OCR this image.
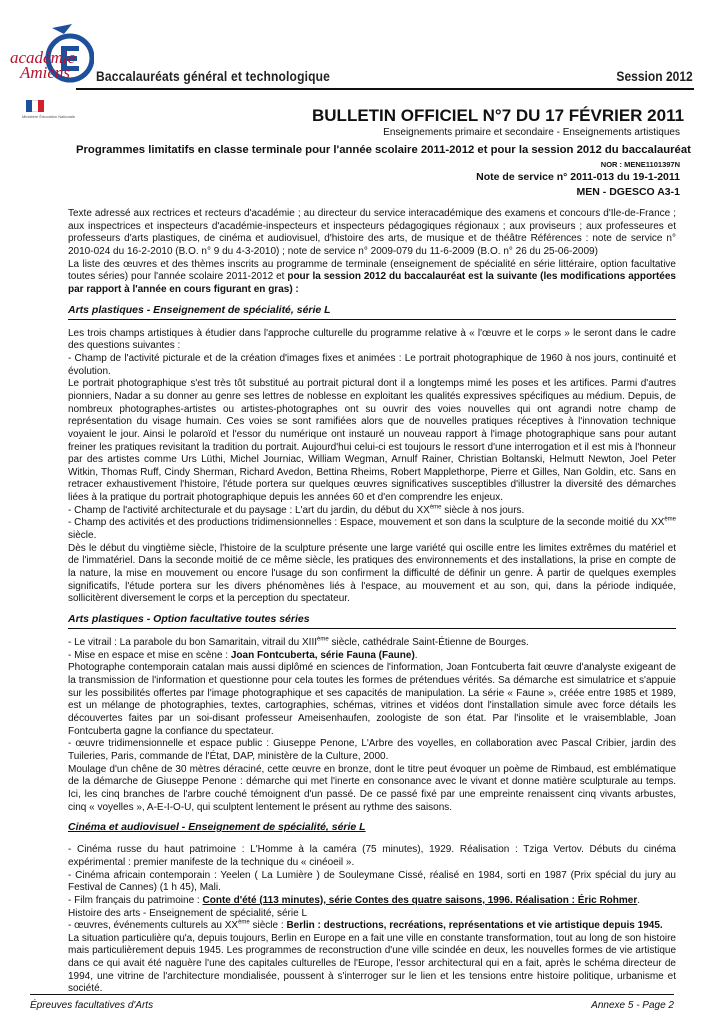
académie
Amiens
Ministère Éducation Nationale
Baccalauréats général et technologique	Session 2012
BULLETIN OFFICIEL N°7 DU 17 FÉVRIER 2011
Enseignements primaire et secondaire - Enseignements artistiques
Programmes limitatifs en classe terminale pour l'année scolaire 2011-2012 et pour la session 2012 du baccalauréat
NOR : MENE1101397N
Note de service n° 2011-013 du 19-1-2011
MEN - DGESCO A3-1

Texte adressé aux rectrices et recteurs d'académie ; au directeur du service interacadémique des examens et concours d'Ile-de-France ; aux inspectrices et inspecteurs d'académie-inspecteurs et inspecteurs pédagogiques régionaux ; aux proviseurs ; aux professeures et professeurs d'arts plastiques, de cinéma et audiovisuel, d'histoire des arts, de musique et de théâtre Références : note de service n° 2010-024 du 16-2-2010 (B.O. n° 9 du 4-3-2010) ; note de service n° 2009-079 du 11-6-2009 (B.O. n° 26 du 25-06-2009)

La liste des œuvres et des thèmes inscrits au programme de terminale (enseignement de spécialité en série littéraire, option facultative toutes séries) pour l'année scolaire 2011-2012 et pour la session 2012 du baccalauréat est la suivante (les modifications apportées par rapport à l'année en cours figurant en gras) :

Arts plastiques - Enseignement de spécialité, série L

Les trois champs artistiques à étudier dans l'approche culturelle du programme relative à « l'œuvre et le corps » le seront dans le cadre des questions suivantes :

- Champ de l'activité picturale et de la création d'images fixes et animées : Le portrait photographique de 1960 à nos jours, continuité et évolution.

Le portrait photographique s'est très tôt substitué au portrait pictural dont il a longtemps mimé les poses et les artifices. Parmi d'autres pionniers, Nadar a su donner au genre ses lettres de noblesse en exploitant les qualités expressives spécifiques au médium. Depuis, de nombreux photographes-artistes ou artistes-photographes ont su ouvrir des voies nouvelles qui ont agrandi notre champ de représentation du visage humain. Ces voies se sont ramifiées alors que de nouvelles pratiques réceptives à l'innovation technique voyaient le jour. Ainsi le polaroïd et l'essor du numérique ont instauré un nouveau rapport à l'image photographique sans pour autant freiner les pratiques revisitant la tradition du portrait. Aujourd'hui celui-ci est toujours le ressort d'une interrogation et il est mis à l'honneur par des artistes comme Urs Lüthi, Michel Journiac, William Wegman, Arnulf Rainer, Christian Boltanski, Helmutt Newton, Joel Peter Witkin, Thomas Ruff, Cindy Sherman, Richard Avedon, Bettina Rheims, Robert Mapplethorpe, Pierre et Gilles, Nan Goldin, etc. Sans en retracer exhaustivement l'histoire, l'étude portera sur quelques œuvres significatives susceptibles d'illustrer la diversité des démarches liées à la pratique du portrait photographique depuis les années 60 et d'en comprendre les enjeux.

- Champ de l'activité architecturale et du paysage : L'art du jardin, du début du XXème siècle à nos jours.

- Champ des activités et des productions tridimensionnelles : Espace, mouvement et son dans la sculpture de la seconde moitié du XXème siècle.

Dès le début du vingtième siècle, l'histoire de la sculpture présente une large variété qui oscille entre les limites extrêmes du matériel et de l'immatériel. Dans la seconde moitié de ce même siècle, les pratiques des environnements et des installations, la prise en compte de la nature, la mise en mouvement ou encore l'usage du son confirment la difficulté de définir un genre. À partir de quelques exemples significatifs, l'étude portera sur les divers phénomènes liés à l'espace, au mouvement et au son, qui, dans la période indiquée, sollicitèrent diversement le corps et la perception du spectateur.

Arts plastiques - Option facultative toutes séries

- Le vitrail : La parabole du bon Samaritain, vitrail du XIIIème siècle, cathédrale Saint-Étienne de Bourges.

- Mise en espace et mise en scène : Joan Fontcuberta, série Fauna (Faune).

Photographe contemporain catalan mais aussi diplômé en sciences de l'information, Joan Fontcuberta fait œuvre d'analyste exigeant de la transmission de l'information et questionne pour cela toutes les formes de prétendues vérités. Sa démarche est simulatrice et s'appuie sur les possibilités offertes par l'image photographique et ses capacités de manipulation. La série « Faune », créée entre 1985 et 1989, est un mélange de photographies, textes, cartographies, schémas, vitrines et vidéos dont l'installation simule avec force détails les découvertes faites par un soi-disant professeur Ameisenhaufen, zoologiste de son état. Par l'insolite et le vraisemblable, Joan Fontcuberta gagne la confiance du spectateur.

- œuvre tridimensionnelle et espace public : Giuseppe Penone, L'Arbre des voyelles, en collaboration avec Pascal Cribier, jardin des Tuileries, Paris, commande de l'État, DAP, ministère de la Culture, 2000.

Moulage d'un chêne de 30 mètres déraciné, cette œuvre en bronze, dont le titre peut évoquer un poème de Rimbaud, est emblématique de la démarche de Giuseppe Penone : démarche qui met l'inerte en consonance avec le vivant et donne matière sculpturale au temps. Ici, les cinq branches de l'arbre couché témoignent d'un passé. De ce passé fixé par une empreinte renaissent cinq vivants arbustes, cinq « voyelles », A-E-I-O-U, qui sculptent lentement le présent au rythme des saisons.

Cinéma et audiovisuel - Enseignement de spécialité, série L

- Cinéma russe du haut patrimoine : L'Homme à la caméra (75 minutes), 1929. Réalisation : Tziga Vertov. Débuts du cinéma expérimental : premier manifeste de la technique du « cinéoeil ».

- Cinéma africain contemporain : Yeelen ( La Lumière ) de Souleymane Cissé, réalisé en 1984, sorti en 1987 (Prix spécial du jury au Festival de Cannes) (1 h 45), Mali.

- Film français du patrimoine : Conte d'été (113 minutes), série Contes des quatre saisons, 1996. Réalisation : Éric Rohmer.

Histoire des arts - Enseignement de spécialité, série L

- œuvres, événements culturels au XXème siècle : Berlin : destructions, recréations, représentations et vie artistique depuis 1945.

La situation particulière qu'a, depuis toujours, Berlin en Europe en a fait une ville en constante transformation, tout au long de son histoire mais particulièrement depuis 1945. Les programmes de reconstruction d'une ville scindée en deux, les nouvelles formes de vie artistique dans ce qui avait été naguère l'une des capitales culturelles de l'Europe, l'essor architectural qui en a fait, après le schéma directeur de 1994, une vitrine de l'architecture mondialisée, poussent à s'interroger sur le lien et les tensions entre histoire politique, urbanisme et société.

Épreuves facultatives d'Arts	Annexe 5 - Page 2
